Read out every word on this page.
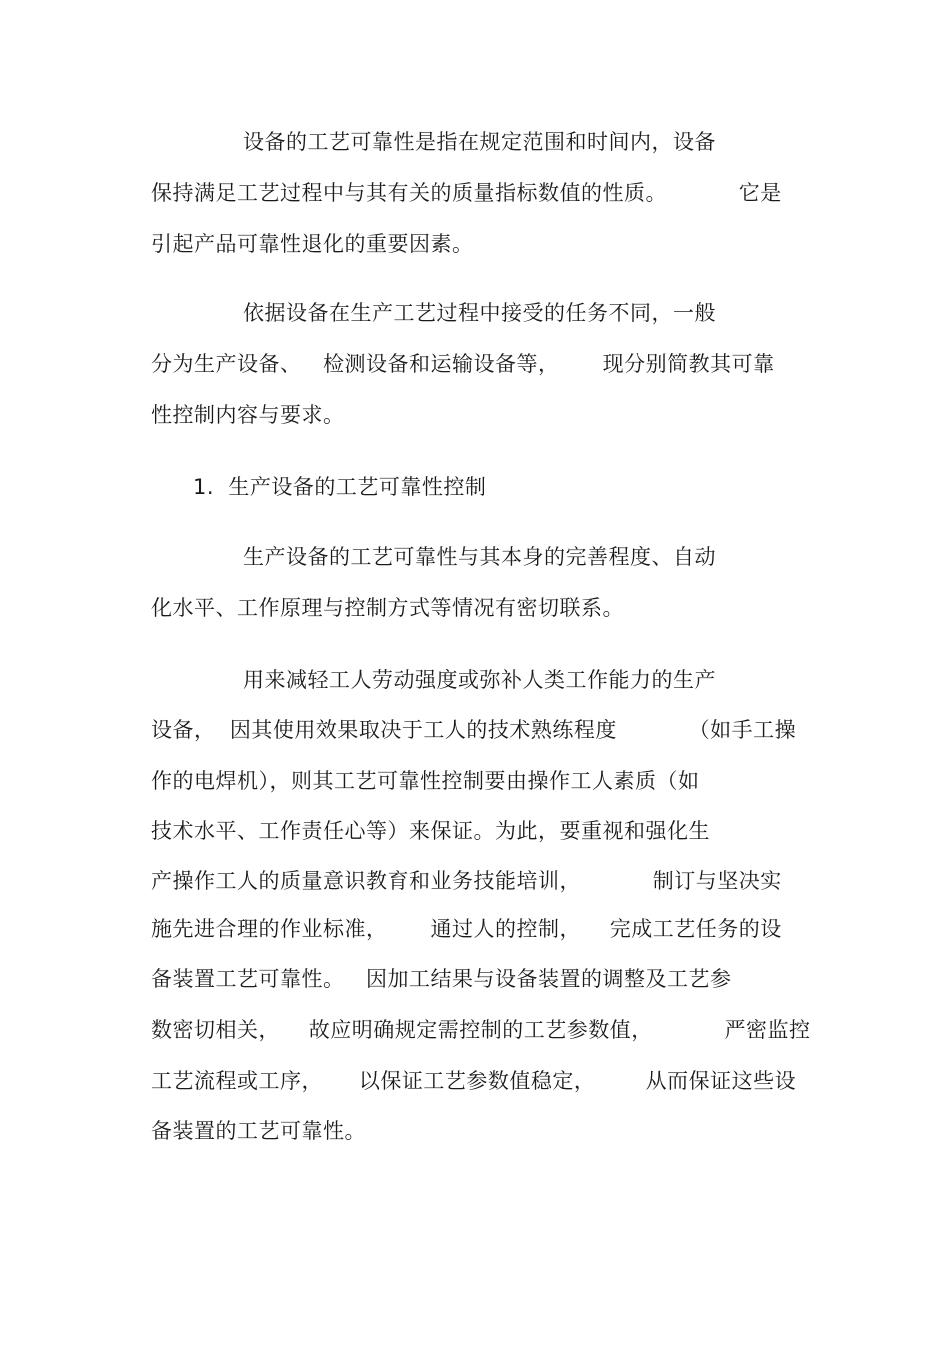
设备的工艺可靠性是指在规定范围和时间内，设备
保持满足工艺过程中与其有关的质量指标数值的性质。          它是
引起产品可靠性退化的重要因素。
依据设备在生产工艺过程中接受的任务不同，一般
分为生产设备、   检测设备和运输设备等，      现分别简教其可靠
性控制内容与要求。
1.  生产设备的工艺可靠性控制
生产设备的工艺可靠性与其本身的完善程度、自动
化水平、工作原理与控制方式等情况有密切联系。
用来减轻工人劳动强度或弥补人类工作能力的生产
设备，  因其使用效果取决于工人的技术熟练程度          （如手工操
作的电焊机），则其工艺可靠性控制要由操作工人素质（如
技术水平、工作责任心等）来保证。为此，要重视和强化生
产操作工人的质量意识教育和业务技能培训，          制订与坚决实
施先进合理的作业标准，      通过人的控制，    完成工艺任务的设
备装置工艺可靠性。   因加工结果与设备装置的调整及工艺参
数密切相关，    故应明确规定需控制的工艺参数值，          严密监控
工艺流程或工序，     以保证工艺参数值稳定，       从而保证这些设
备装置的工艺可靠性。
